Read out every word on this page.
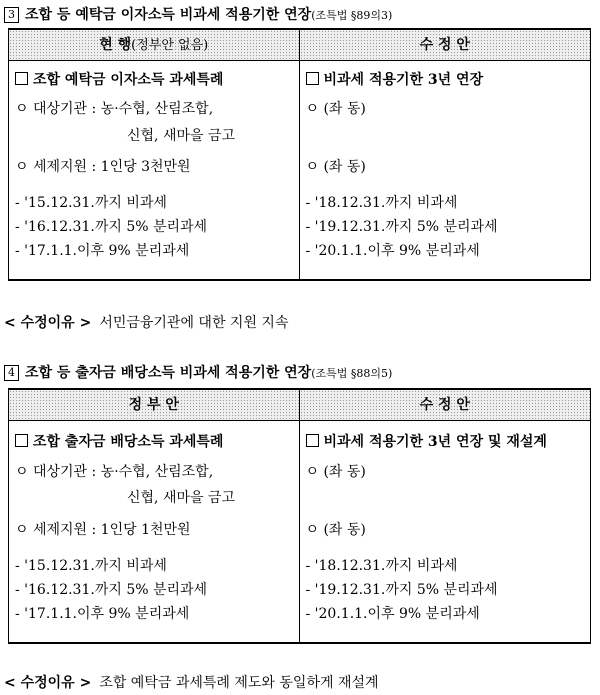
3 조합 등 예탁금 이자소득 비과세 적용기한 연장(조특법 §89의3)
현 행(정부안 없음)	수 정 안
조합 예탁금 이자소득 과세특례
ㅇ 대상기관 : 농·수협, 산림조합,
신협, 새마을 금고
ㅇ 세제지원 : 1인당 3천만원
- '15.12.31.까지 비과세
- '16.12.31.까지 5% 분리과세
- '17.1.1.이후 9% 분리과세
비과세 적용기한 3년 연장
ㅇ (좌 동)
ㅇ (좌 동)
- '18.12.31.까지 비과세
- '19.12.31.까지 5% 분리과세
- '20.1.1.이후 9% 분리과세
< 수정이유 > 서민금융기관에 대한 지원 지속
4 조합 등 출자금 배당소득 비과세 적용기한 연장(조특법 §88의5)
정 부 안	수 정 안
조합 출자금 배당소득 과세특례
ㅇ 대상기관 : 농·수협, 산림조합,
신협, 새마을 금고
ㅇ 세제지원 : 1인당 1천만원
- '15.12.31.까지 비과세
- '16.12.31.까지 5% 분리과세
- '17.1.1.이후 9% 분리과세
비과세 적용기한 3년 연장 및 재설계
ㅇ (좌 동)
ㅇ (좌 동)
- '18.12.31.까지 비과세
- '19.12.31.까지 5% 분리과세
- '20.1.1.이후 9% 분리과세
< 수정이유 > 조합 예탁금 과세특례 제도와 동일하게 재설계
